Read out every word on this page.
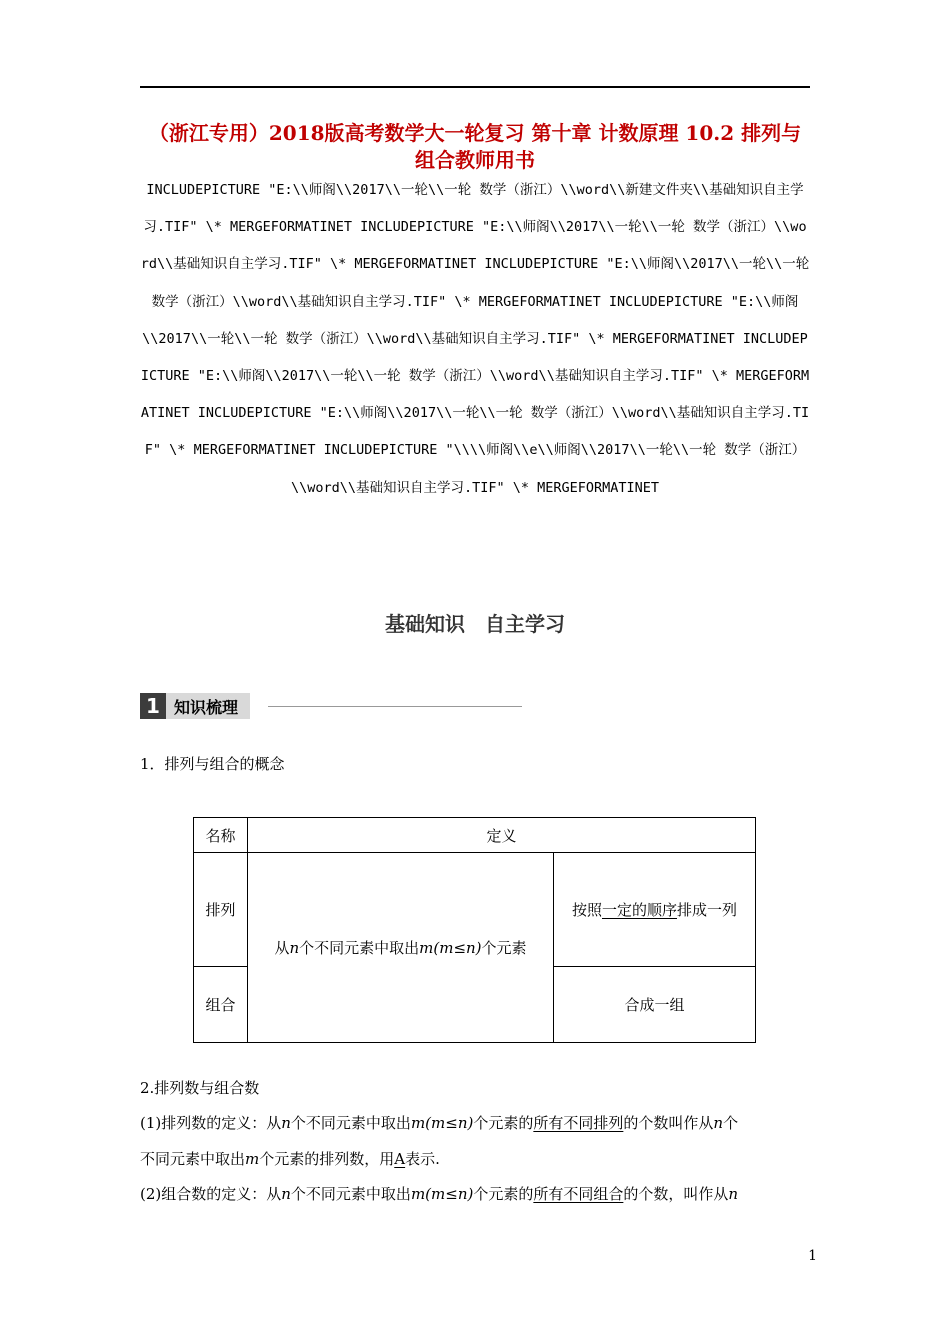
（浙江专用）2018版高考数学大一轮复习 第十章 计数原理 10.2 排列与组合教师用书
INCLUDEPICTURE "E:\\师阁\\2017\\一轮\\一轮 数学（浙江）\\word\\新建文件夹\\基础知识自主学习.TIF" \* MERGEFORMATINET INCLUDEPICTURE "E:\\师阁\\2017\\一轮\\一轮 数学（浙江）\\word\\基础知识自主学习.TIF" \* MERGEFORMATINET INCLUDEPICTURE "E:\\师阁\\2017\\一轮\\一轮 数学（浙江）\\word\\基础知识自主学习.TIF" \* MERGEFORMATINET INCLUDEPICTURE "E:\\师阁\\2017\\一轮\\一轮 数学（浙江）\\word\\基础知识自主学习.TIF" \* MERGEFORMATINET INCLUDEPICTURE "E:\\师阁\\2017\\一轮\\一轮 数学（浙江）\\word\\基础知识自主学习.TIF" \* MERGEFORMATINET INCLUDEPICTURE "E:\\师阁\\2017\\一轮\\一轮 数学（浙江）\\word\\基础知识自主学习.TIF" \* MERGEFORMATINET INCLUDEPICTURE "\\\\师阁\\e\\师阁\\2017\\一轮\\一轮 数学（浙江）\\word\\基础知识自主学习.TIF" \* MERGEFORMATINET
基础知识　自主学习
1 知识梳理
1．排列与组合的概念
名称	定义	
排列	从n个不同元素中取出m(m≤n)个元素	按照一定的顺序排成一列
组合		合成一组
2.排列数与组合数
(1)排列数的定义：从n个不同元素中取出m(m≤n)个元素的所有不同排列的个数叫作从n个
不同元素中取出m个元素的排列数，用A表示.
(2)组合数的定义：从n个不同元素中取出m(m≤n)个元素的所有不同组合的个数，叫作从n
1
